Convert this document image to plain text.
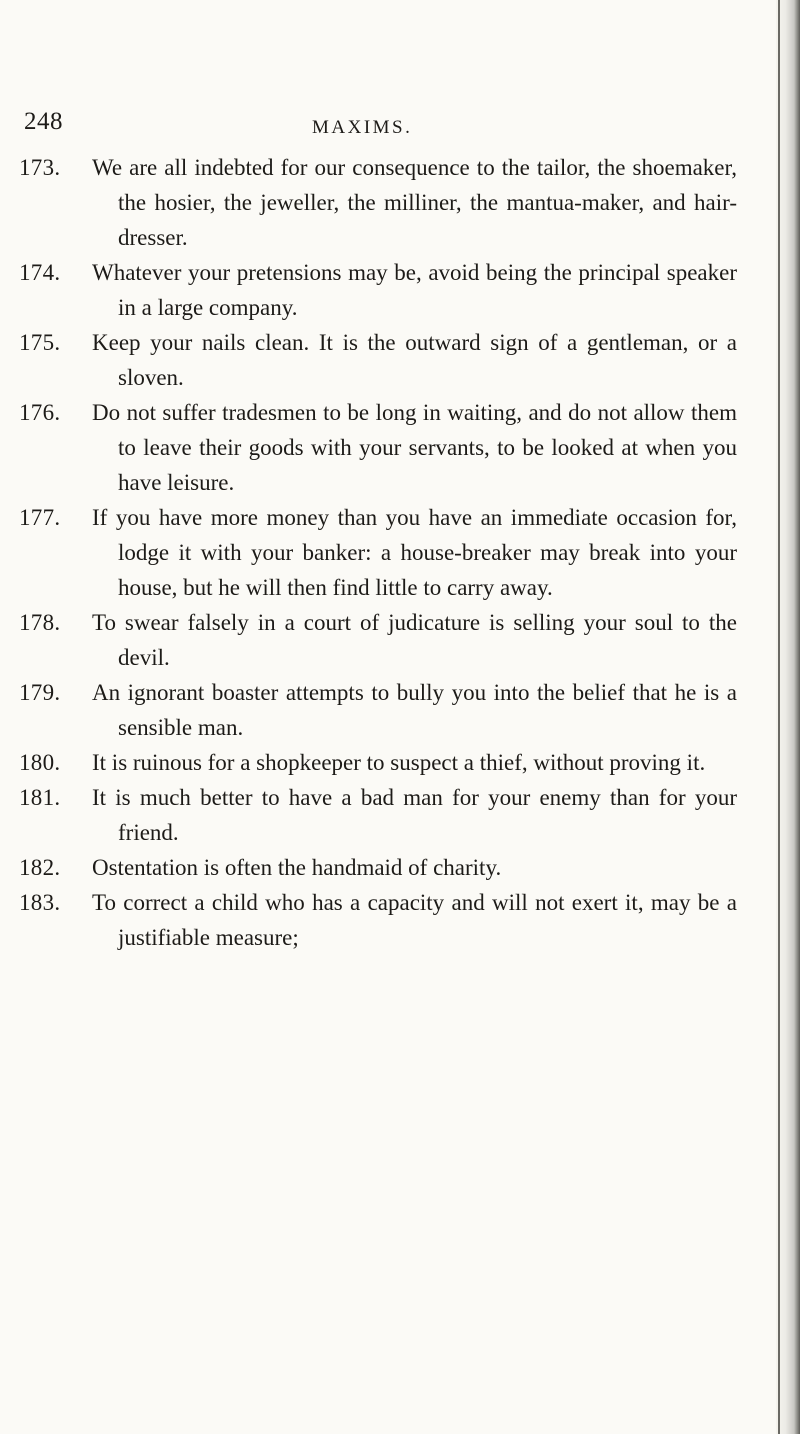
248	MAXIMS.
173. We are all indebted for our consequence to the tailor, the shoemaker, the hosier, the jeweller, the milliner, the mantua-maker, and hair-dresser.

174. Whatever your pretensions may be, avoid being the principal speaker in a large company.

175. Keep your nails clean. It is the outward sign of a gentleman, or a sloven.

176. Do not suffer tradesmen to be long in waiting, and do not allow them to leave their goods with your servants, to be looked at when you have leisure.

177. If you have more money than you have an immediate occasion for, lodge it with your banker: a house-breaker may break into your house, but he will then find little to carry away.

178. To swear falsely in a court of judicature is selling your soul to the devil.

179. An ignorant boaster attempts to bully you into the belief that he is a sensible man.

180. It is ruinous for a shopkeeper to suspect a thief, without proving it.

181. It is much better to have a bad man for your enemy than for your friend.

182. Ostentation is often the handmaid of charity.

183. To correct a child who has a capacity and will not exert it, may be a justifiable measure;
